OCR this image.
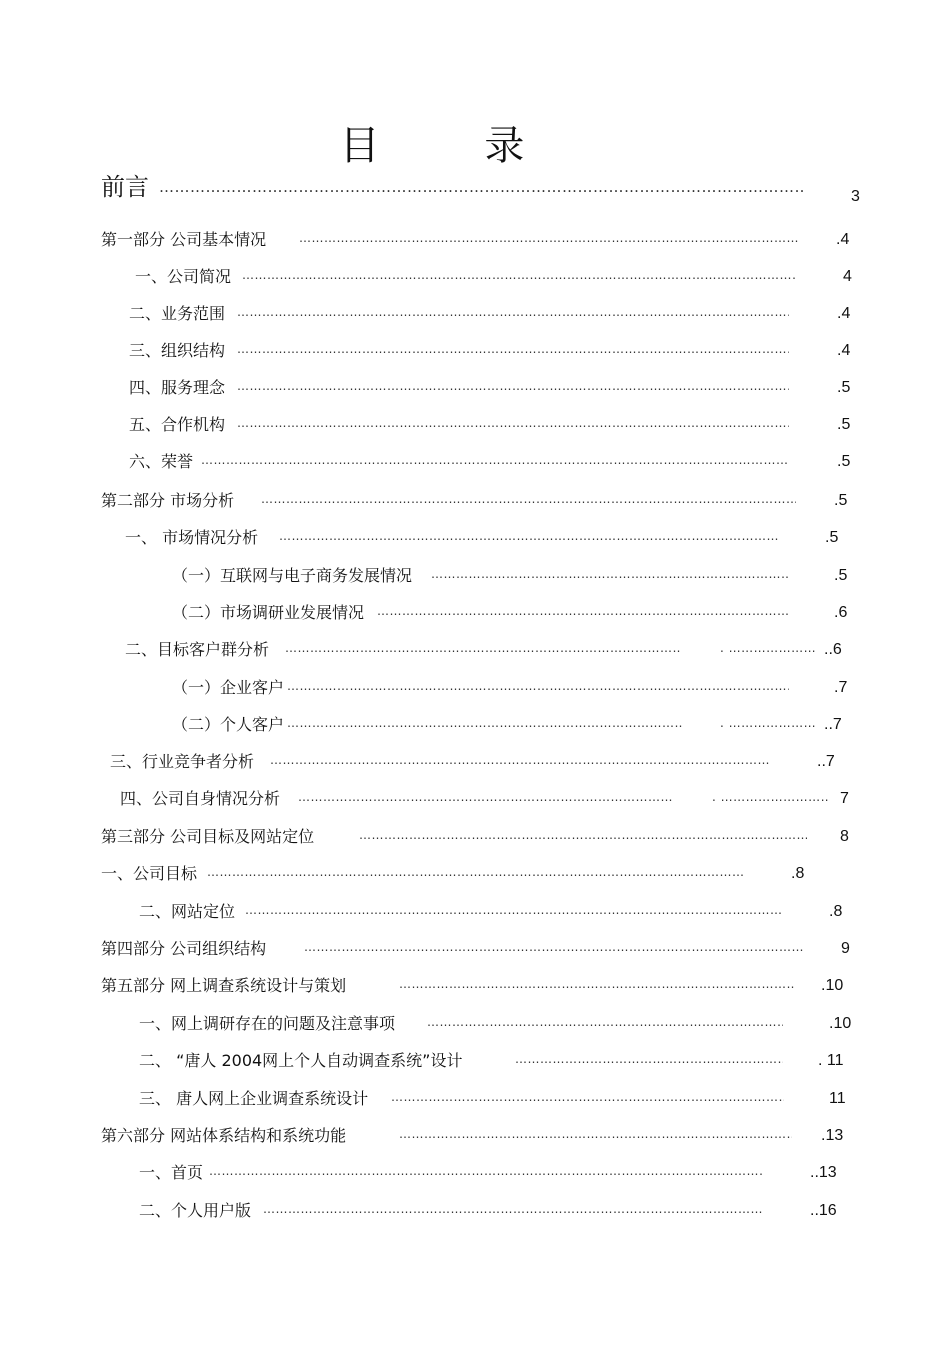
目 录
前言 …………………………………………………………………………………………………………………………………………………………………………………………	3
第一部分 公司基本情况 …………………………………………………………………………………………………………………………………………………………………………………………	.4
一、公司简况 …………………………………………………………………………………………………………………………………………………………………………………………	4
二、业务范围 …………………………………………………………………………………………………………………………………………………………………………………………	.4
三、组织结构 …………………………………………………………………………………………………………………………………………………………………………………………	.4
四、服务理念 …………………………………………………………………………………………………………………………………………………………………………………………	.5
五、合作机构 …………………………………………………………………………………………………………………………………………………………………………………………	.5
六、荣誉 …………………………………………………………………………………………………………………………………………………………………………………………	.5
第二部分 市场分析 …………………………………………………………………………………………………………………………………………………………………………………………	.5
一、 市场情况分析 …………………………………………………………………………………………………………………………………………………………………………………………	.5
（一）互联网与电子商务发展情况 …………………………………………………………………………………………………………………………………………………………………………………………	.5
（二）市场调研业发展情况 …………………………………………………………………………………………………………………………………………………………………………………………	.6
二、目标客户群分析 ………………………………………………………………………………………………………………………………………………………………………………………… . ……………………………………	..6
（一）企业客户 …………………………………………………………………………………………………………………………………………………………………………………………	.7
（二）个人客户 ………………………………………………………………………………………………………………………………………………………………………………………… . ……………………………………	..7
三、行业竞争者分析 …………………………………………………………………………………………………………………………………………………………………………………………	..7
四、公司自身情况分析 ………………………………………………………………………………………………………………………………………………………………………………………… . ……………………………………	7
第三部分 公司目标及网站定位 …………………………………………………………………………………………………………………………………………………………………………………………	8
一、公司目标 …………………………………………………………………………………………………………………………………………………………………………………………	.8
二、网站定位 …………………………………………………………………………………………………………………………………………………………………………………………	.8
第四部分 公司组织结构 …………………………………………………………………………………………………………………………………………………………………………………………	9
第五部分 网上调查系统设计与策划 …………………………………………………………………………………………………………………………………………………………………………………………	.10
一、网上调研存在的问题及注意事项 …………………………………………………………………………………………………………………………………………………………………………………………	.10
二、 “唐人 2004网上个人自动调查系统”设计 …………………………………………………………………………………………………………………………………………………………………………………………	. 11
三、 唐人网上企业调查系统设计 …………………………………………………………………………………………………………………………………………………………………………………………	11
第六部分 网站体系结构和系统功能 …………………………………………………………………………………………………………………………………………………………………………………………	.13
一、首页 …………………………………………………………………………………………………………………………………………………………………………………………	..13
二、个人用户版 …………………………………………………………………………………………………………………………………………………………………………………………	..16
